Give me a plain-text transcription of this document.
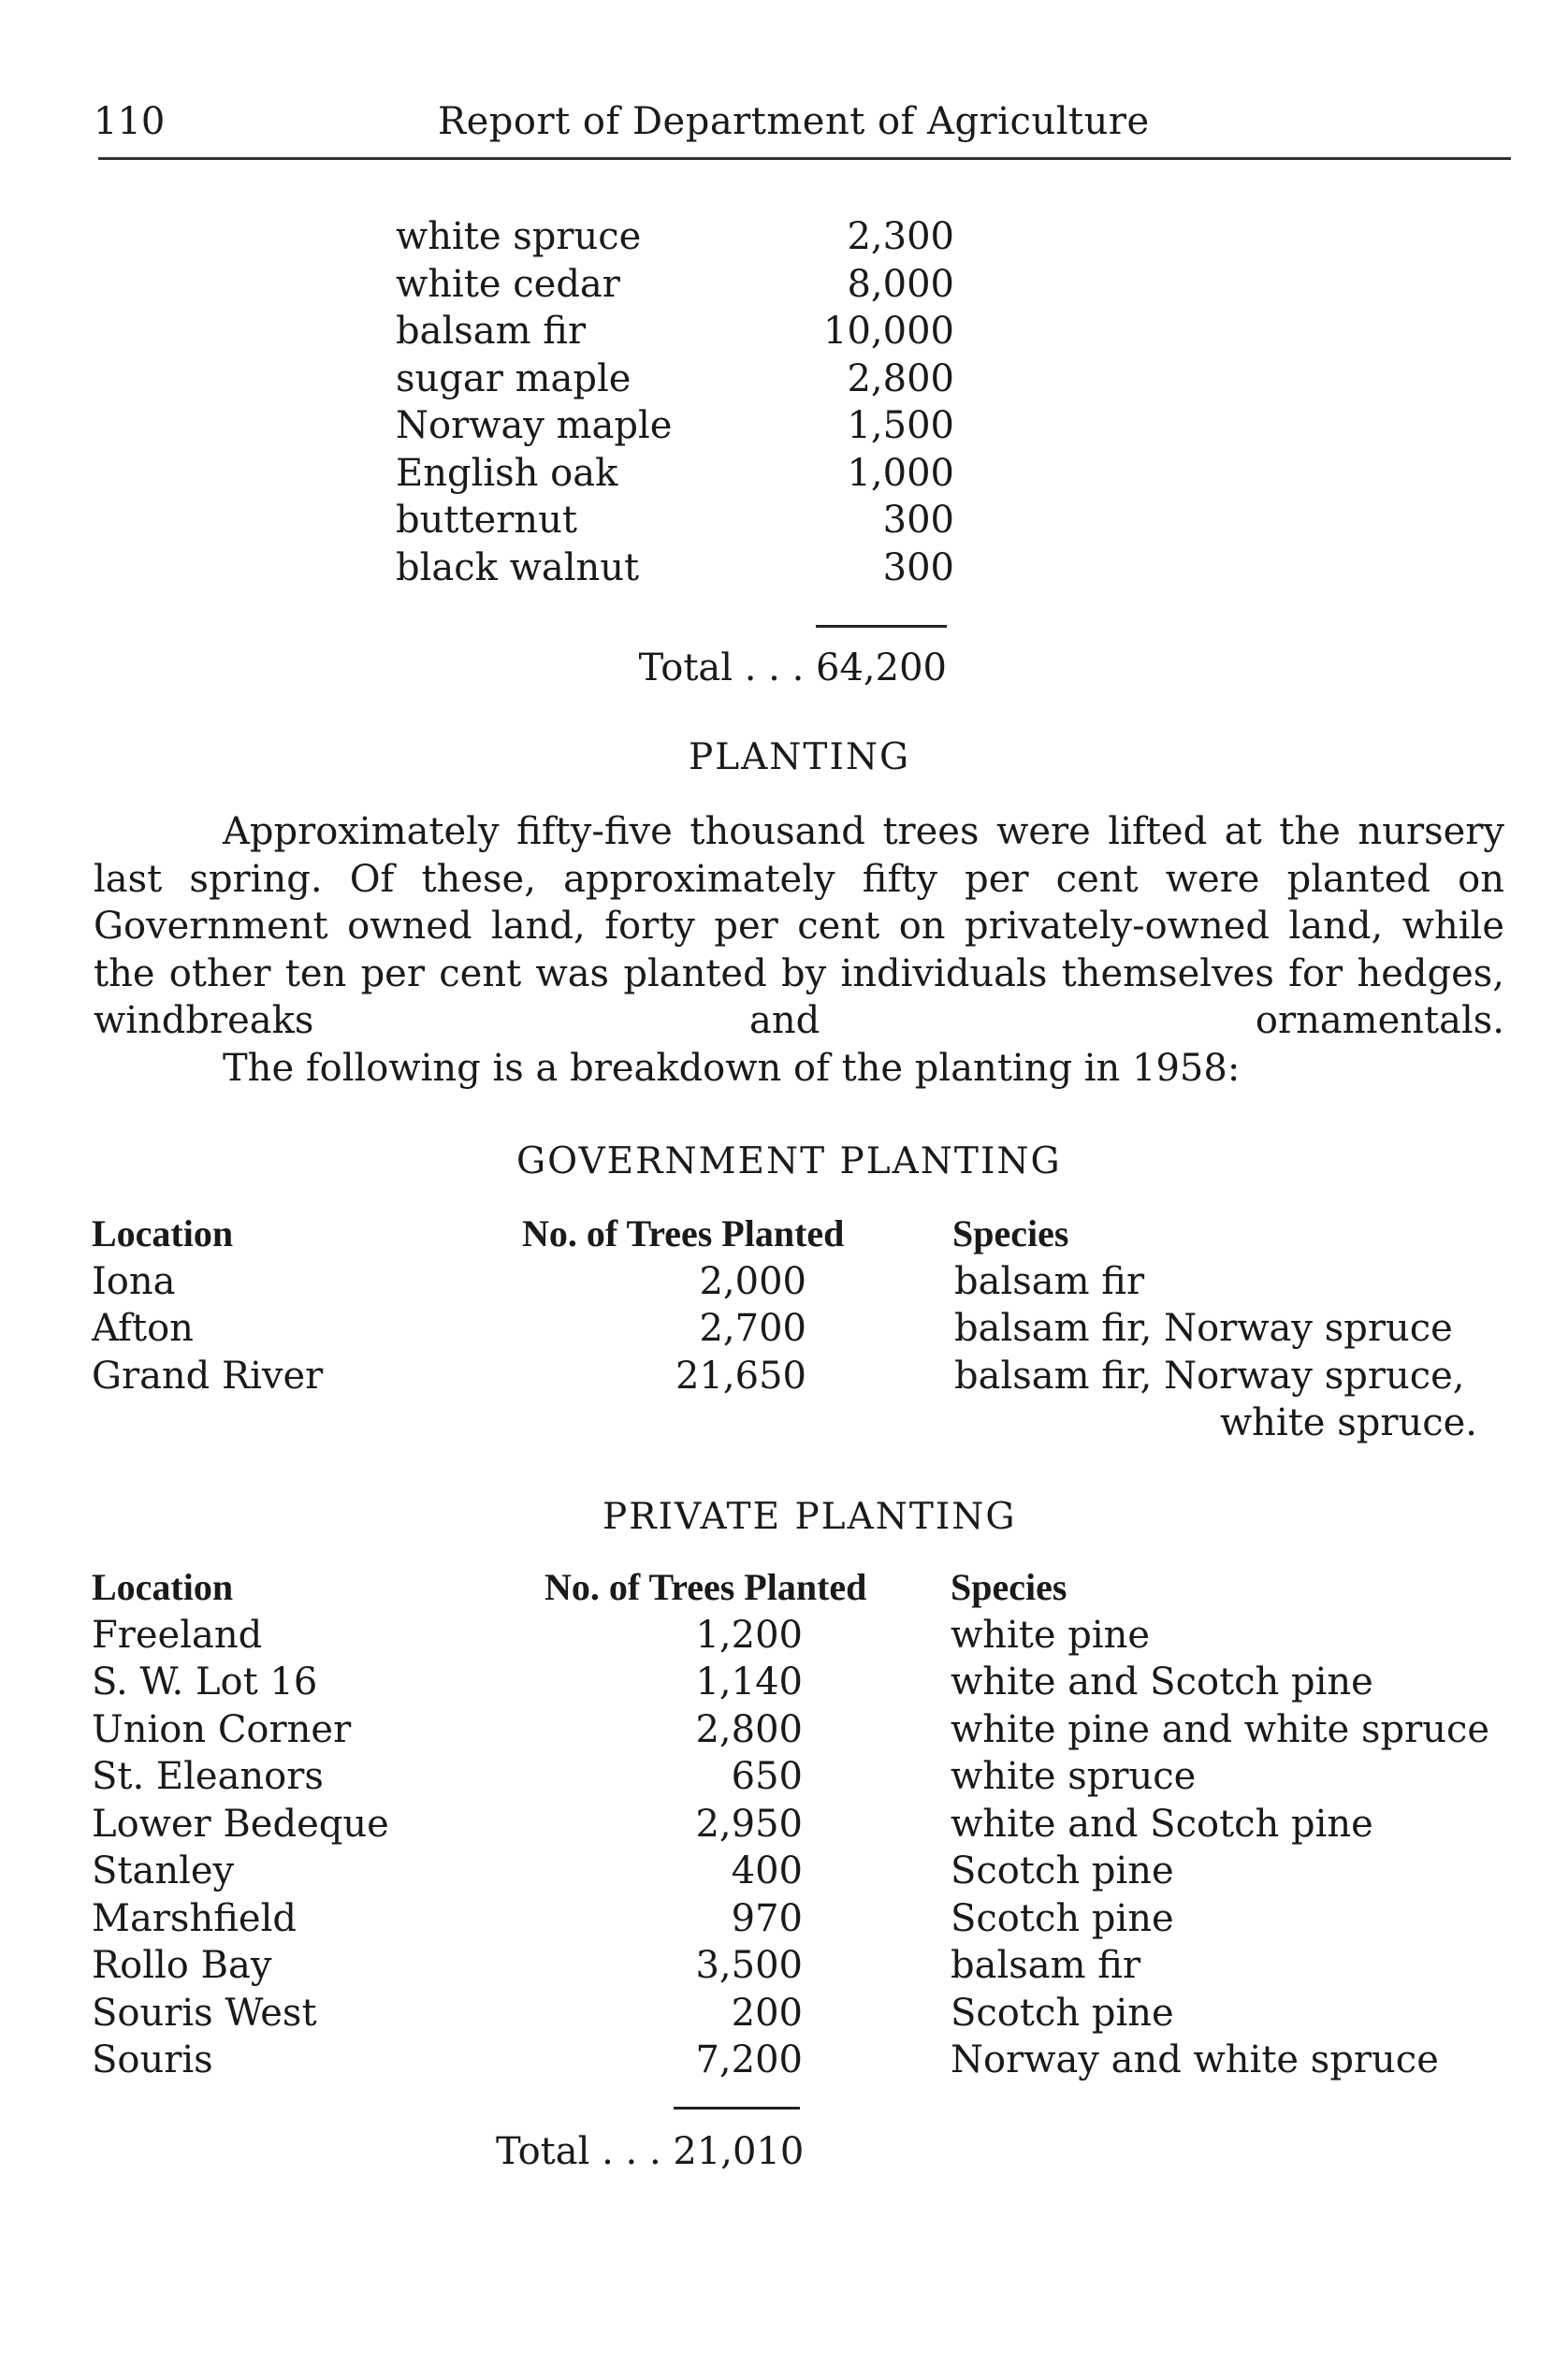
110	Report of Department of Agriculture
white spruce	2,300
white cedar	8,000
balsam fir	10,000
sugar maple	2,800
Norway maple	1,500
English oak	1,000
butternut	300
black walnut	300
Total . . . 64,200
PLANTING

Approximately fifty-five thousand trees were lifted at the nursery last spring. Of these, approximately fifty per cent were planted on Government owned land, forty per cent on privately-owned land, while the other ten per cent was planted by individuals themselves for hedges, windbreaks and ornamentals.

The following is a breakdown of the planting in 1958:

GOVERNMENT PLANTING
Location	No. of Trees Planted	Species
Iona	2,000	balsam fir
Afton	2,700	balsam fir, Norway spruce
Grand River	21,650	balsam fir, Norway spruce,
white spruce.
PRIVATE PLANTING
Location	No. of Trees Planted Species
Freeland	1,200	white pine
S. W. Lot 16	1,140	white and Scotch pine
Union Corner	2,800	white pine and white spruce
St. Eleanors	650	white spruce
Lower Bedeque	2,950	white and Scotch pine
Stanley	400	Scotch pine
Marshfield	970	Scotch pine
Rollo Bay	3,500	balsam fir
Souris West	200	Scotch pine
Souris	7,200	Norway and white spruce
Total . . . 21,010
